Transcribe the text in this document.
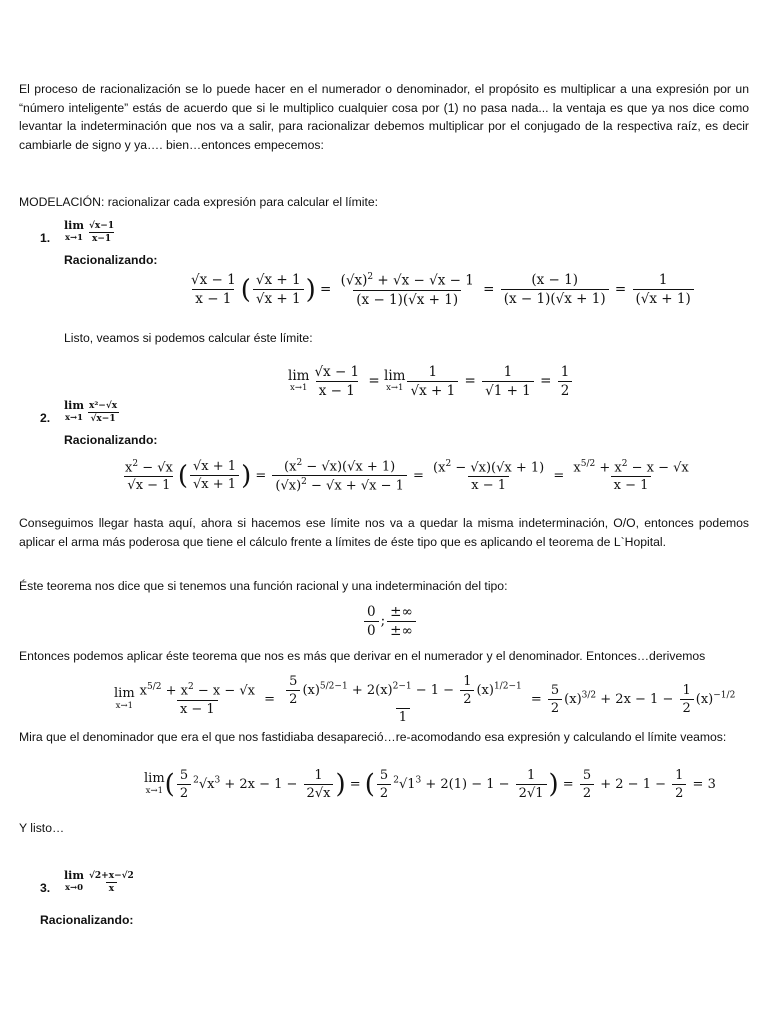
El proceso de racionalización se lo puede hacer en el numerador o denominador, el propósito es multiplicar a una expresión por un “número inteligente” estás de acuerdo que si le multiplico cualquier cosa por (1) no pasa nada... la ventaja es que ya nos dice como levantar la indeterminación que nos va a salir, para racionalizar debemos multiplicar por el conjugado de la respectiva raíz, es decir cambiarle de signo y ya…. bien…entonces empecemos:
MODELACIÓN: racionalizar cada expresión para calcular el límite:
1.
lim
$x\to 1 \frac{√x-1}{x-1}$
Racionalizando:
$\frac{√x - 1}{x - 1}$ ( $\frac{√x + 1}{√x + 1}$ ) = $\frac{(√x)^2 + √x - √x - 1}{(x - 1)(√x + 1)} = \frac{(x - 1)}{(x - 1)(√x + 1)} = \frac{1}{(√x + 1)}$
Listo, veamos si podemos calcular éste límite:
lim
$x\to 1 \frac{√x - 1}{x - 1} = \lim$
$x\to 1 \frac{1}{√x + 1} = \frac{1}{√1 + 1} = \frac{1}{2}$
2.
lim
$x\to 1 \frac{\text{x²−√x}}{√x-1}$
Racionalizando:
$\frac{x^2 - √x}{√x - 1}$ ( $\frac{√x + 1}{√x + 1}$ ) = $\frac{(x^2 - √x)(√x + 1)}{(√x)^2 - √x + √x - 1} = \frac{(x^2 - √x)(√x + 1)}{x - 1} = \frac{x^{5/2} + x^2 - x - √x}{x - 1}$
Conseguimos llegar hasta aquí, ahora si hacemos ese límite nos va a quedar la misma indeterminación, O/O, entonces podemos aplicar el arma más poderosa que tiene el cálculo frente a límites de éste tipo que es aplicando el teorema de L`Hopital.
Éste teorema nos dice que si tenemos una función racional y una indeterminación del tipo:
$\frac{0}{0}$ ; $\frac{\pm\infty}{\pm\infty}$
Entonces podemos aplicar éste teorema que nos es más que derivar en el numerador y el denominador. Entonces…derivemos
lim
$x\to 1 \frac{x^{5/2} + x^2 - x - √x}{x - 1} = \frac{\frac{5}{2} (x)^{5/2-1} + 2(x)^{2-1} - 1 - \frac{1}{2} (x)^{1/2-1}}{1} = \frac{5}{2} (x)^{3/2} + 2x - 1 - \frac{1}{2} (x)^{-1/2}$
Mira que el denominador que era el que nos fastidiaba desapareció…re-acomodando esa expresión y calculando el límite veamos:
lim
x→1 ( $\frac{5}{2} ^2√x^3 + 2x - 1 - \frac{1}{2√x}$ ) = ( $\frac{5}{2} ^2√1^3 + 2(1) - 1 - \frac{1}{2√1}$ ) = $\frac{5}{2} + 2 - 1 - \frac{1}{2} = 3$
Y listo…
3.
lim
$x\to 0 \frac{√2+x-√2}{x}$
Racionalizando:
